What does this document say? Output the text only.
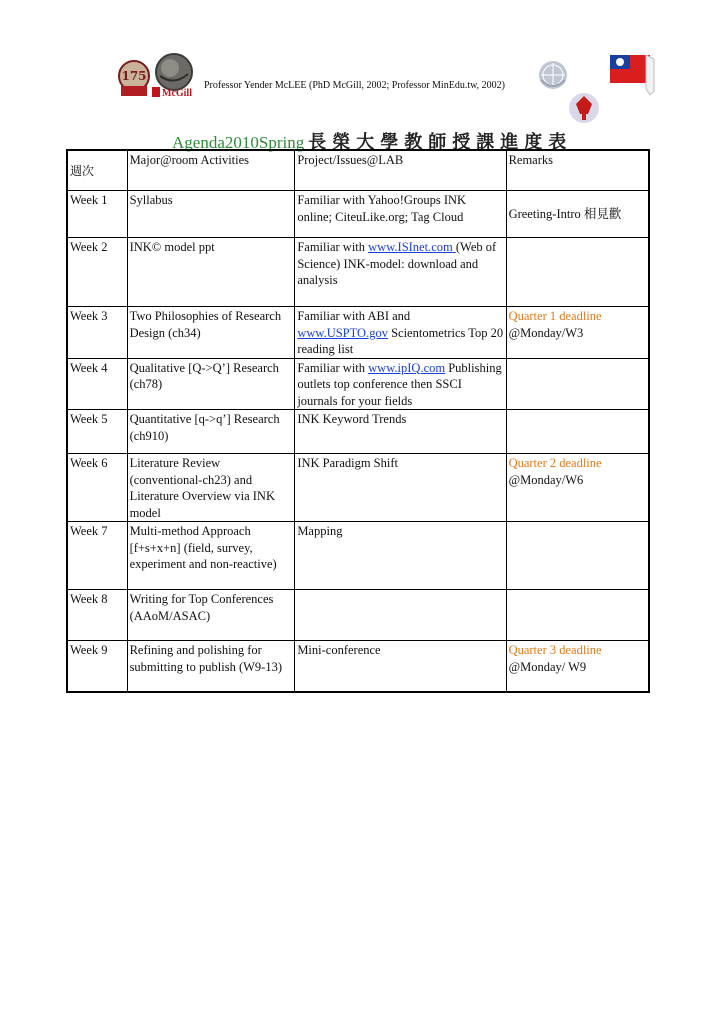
175
McGill
Professor Yender McLEE (PhD McGill, 2002; Professor MinEdu.tw, 2002)
Agenda2010Spring 長榮大學教師授課進度表
週次	Major@room Activities	Project/Issues@LAB	Remarks
Week 1	Syllabus	Familiar with Yahoo!Groups INK online; CiteuLike.org; Tag Cloud	Greeting-Intro 相見歡
Week 2	INK© model ppt	Familiar with www.ISInet.com (Web of Science) INK-model: download and analysis	
Week 3	Two Philosophies of Research Design (ch34)	Familiar with ABI and www.USPTO.gov Scientometrics Top 20 reading list	Quarter 1 deadline
@Monday/W3

Week 4	Qualitative [Q->Q’] Research (ch78)	Familiar with www.ipIQ.com Publishing outlets top conference then SSCI journals for your fields	
Week 5	Quantitative [q->q’] Research (ch910)	INK Keyword Trends	
Week 6	Literature Review (conventional-ch23) and Literature Overview via INK model	INK Paradigm Shift	Quarter 2 deadline
@Monday/W6

Week 7	Multi-method Approach [f+s+x+n] (field, survey, experiment and non-reactive)	Mapping	
Week 8	Writing for Top Conferences (AAoM/ASAC)		
Week 9	Refining and polishing for submitting to publish (W9-13)	Mini-conference	Quarter 3 deadline
@Monday/ W9
